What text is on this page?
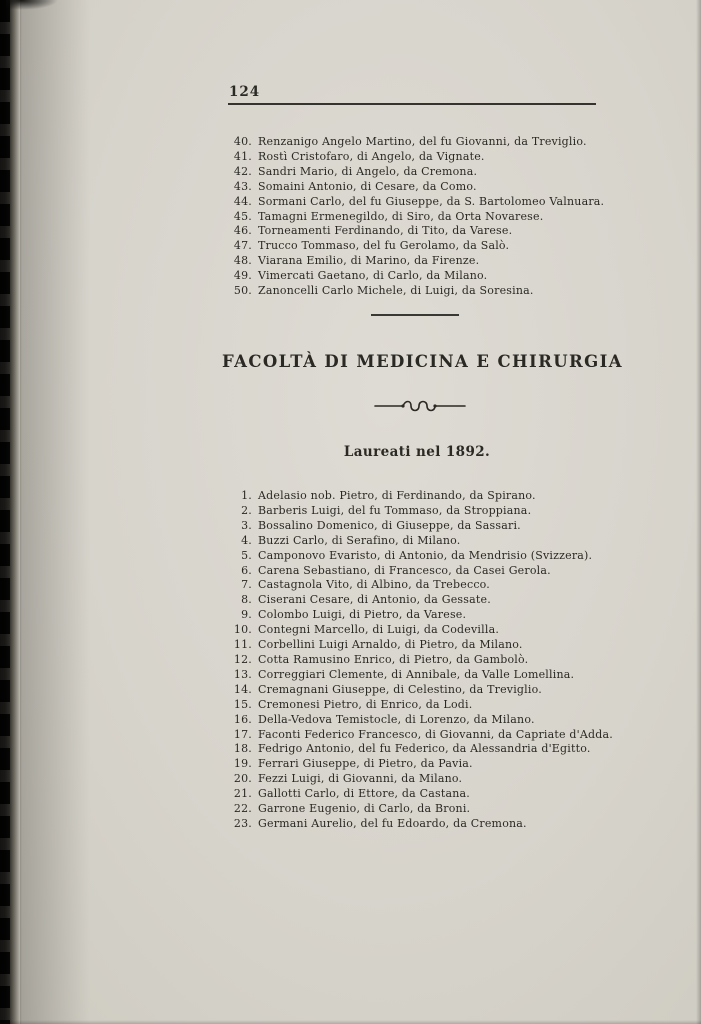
124
40. Renzanigo Angelo Martino, del fu Giovanni, da Treviglio.
41. Rostì Cristofaro, di Angelo, da Vignate.
42. Sandri Mario, di Angelo, da Cremona.
43. Somaini Antonio, di Cesare, da Como.
44. Sormani Carlo, del fu Giuseppe, da S. Bartolomeo Valnuara.
45. Tamagni Ermenegildo, di Siro, da Orta Novarese.
46. Torneamenti Ferdinando, di Tito, da Varese.
47. Trucco Tommaso, del fu Gerolamo, da Salò.
48. Viarana Emilio, di Marino, da Firenze.
49. Vimercati Gaetano, di Carlo, da Milano.
50. Zanoncelli Carlo Michele, di Luigi, da Soresina.
FACOLTÀ DI MEDICINA E CHIRURGIA
Laureati nel 1892.
1. Adelasio nob. Pietro, di Ferdinando, da Spirano.
2. Barberis Luigi, del fu Tommaso, da Stroppiana.
3. Bossalino Domenico, di Giuseppe, da Sassari.
4. Buzzi Carlo, di Serafino, di Milano.
5. Camponovo Evaristo, di Antonio, da Mendrisio (Svizzera).
6. Carena Sebastiano, di Francesco, da Casei Gerola.
7. Castagnola Vito, di Albino, da Trebecco.
8. Ciserani Cesare, di Antonio, da Gessate.
9. Colombo Luigi, di Pietro, da Varese.
10. Contegni Marcello, di Luigi, da Codevilla.
11. Corbellini Luigi Arnaldo, di Pietro, da Milano.
12. Cotta Ramusino Enrico, di Pietro, da Gambolò.
13. Correggiari Clemente, di Annibale, da Valle Lomellina.
14. Cremagnani Giuseppe, di Celestino, da Treviglio.
15. Cremonesi Pietro, di Enrico, da Lodi.
16. Della-Vedova Temistocle, di Lorenzo, da Milano.
17. Faconti Federico Francesco, di Giovanni, da Capriate d'Adda.
18. Fedrigo Antonio, del fu Federico, da Alessandria d'Egitto.
19. Ferrari Giuseppe, di Pietro, da Pavia.
20. Fezzi Luigi, di Giovanni, da Milano.
21. Gallotti Carlo, di Ettore, da Castana.
22. Garrone Eugenio, di Carlo, da Broni.
23. Germani Aurelio, del fu Edoardo, da Cremona.
